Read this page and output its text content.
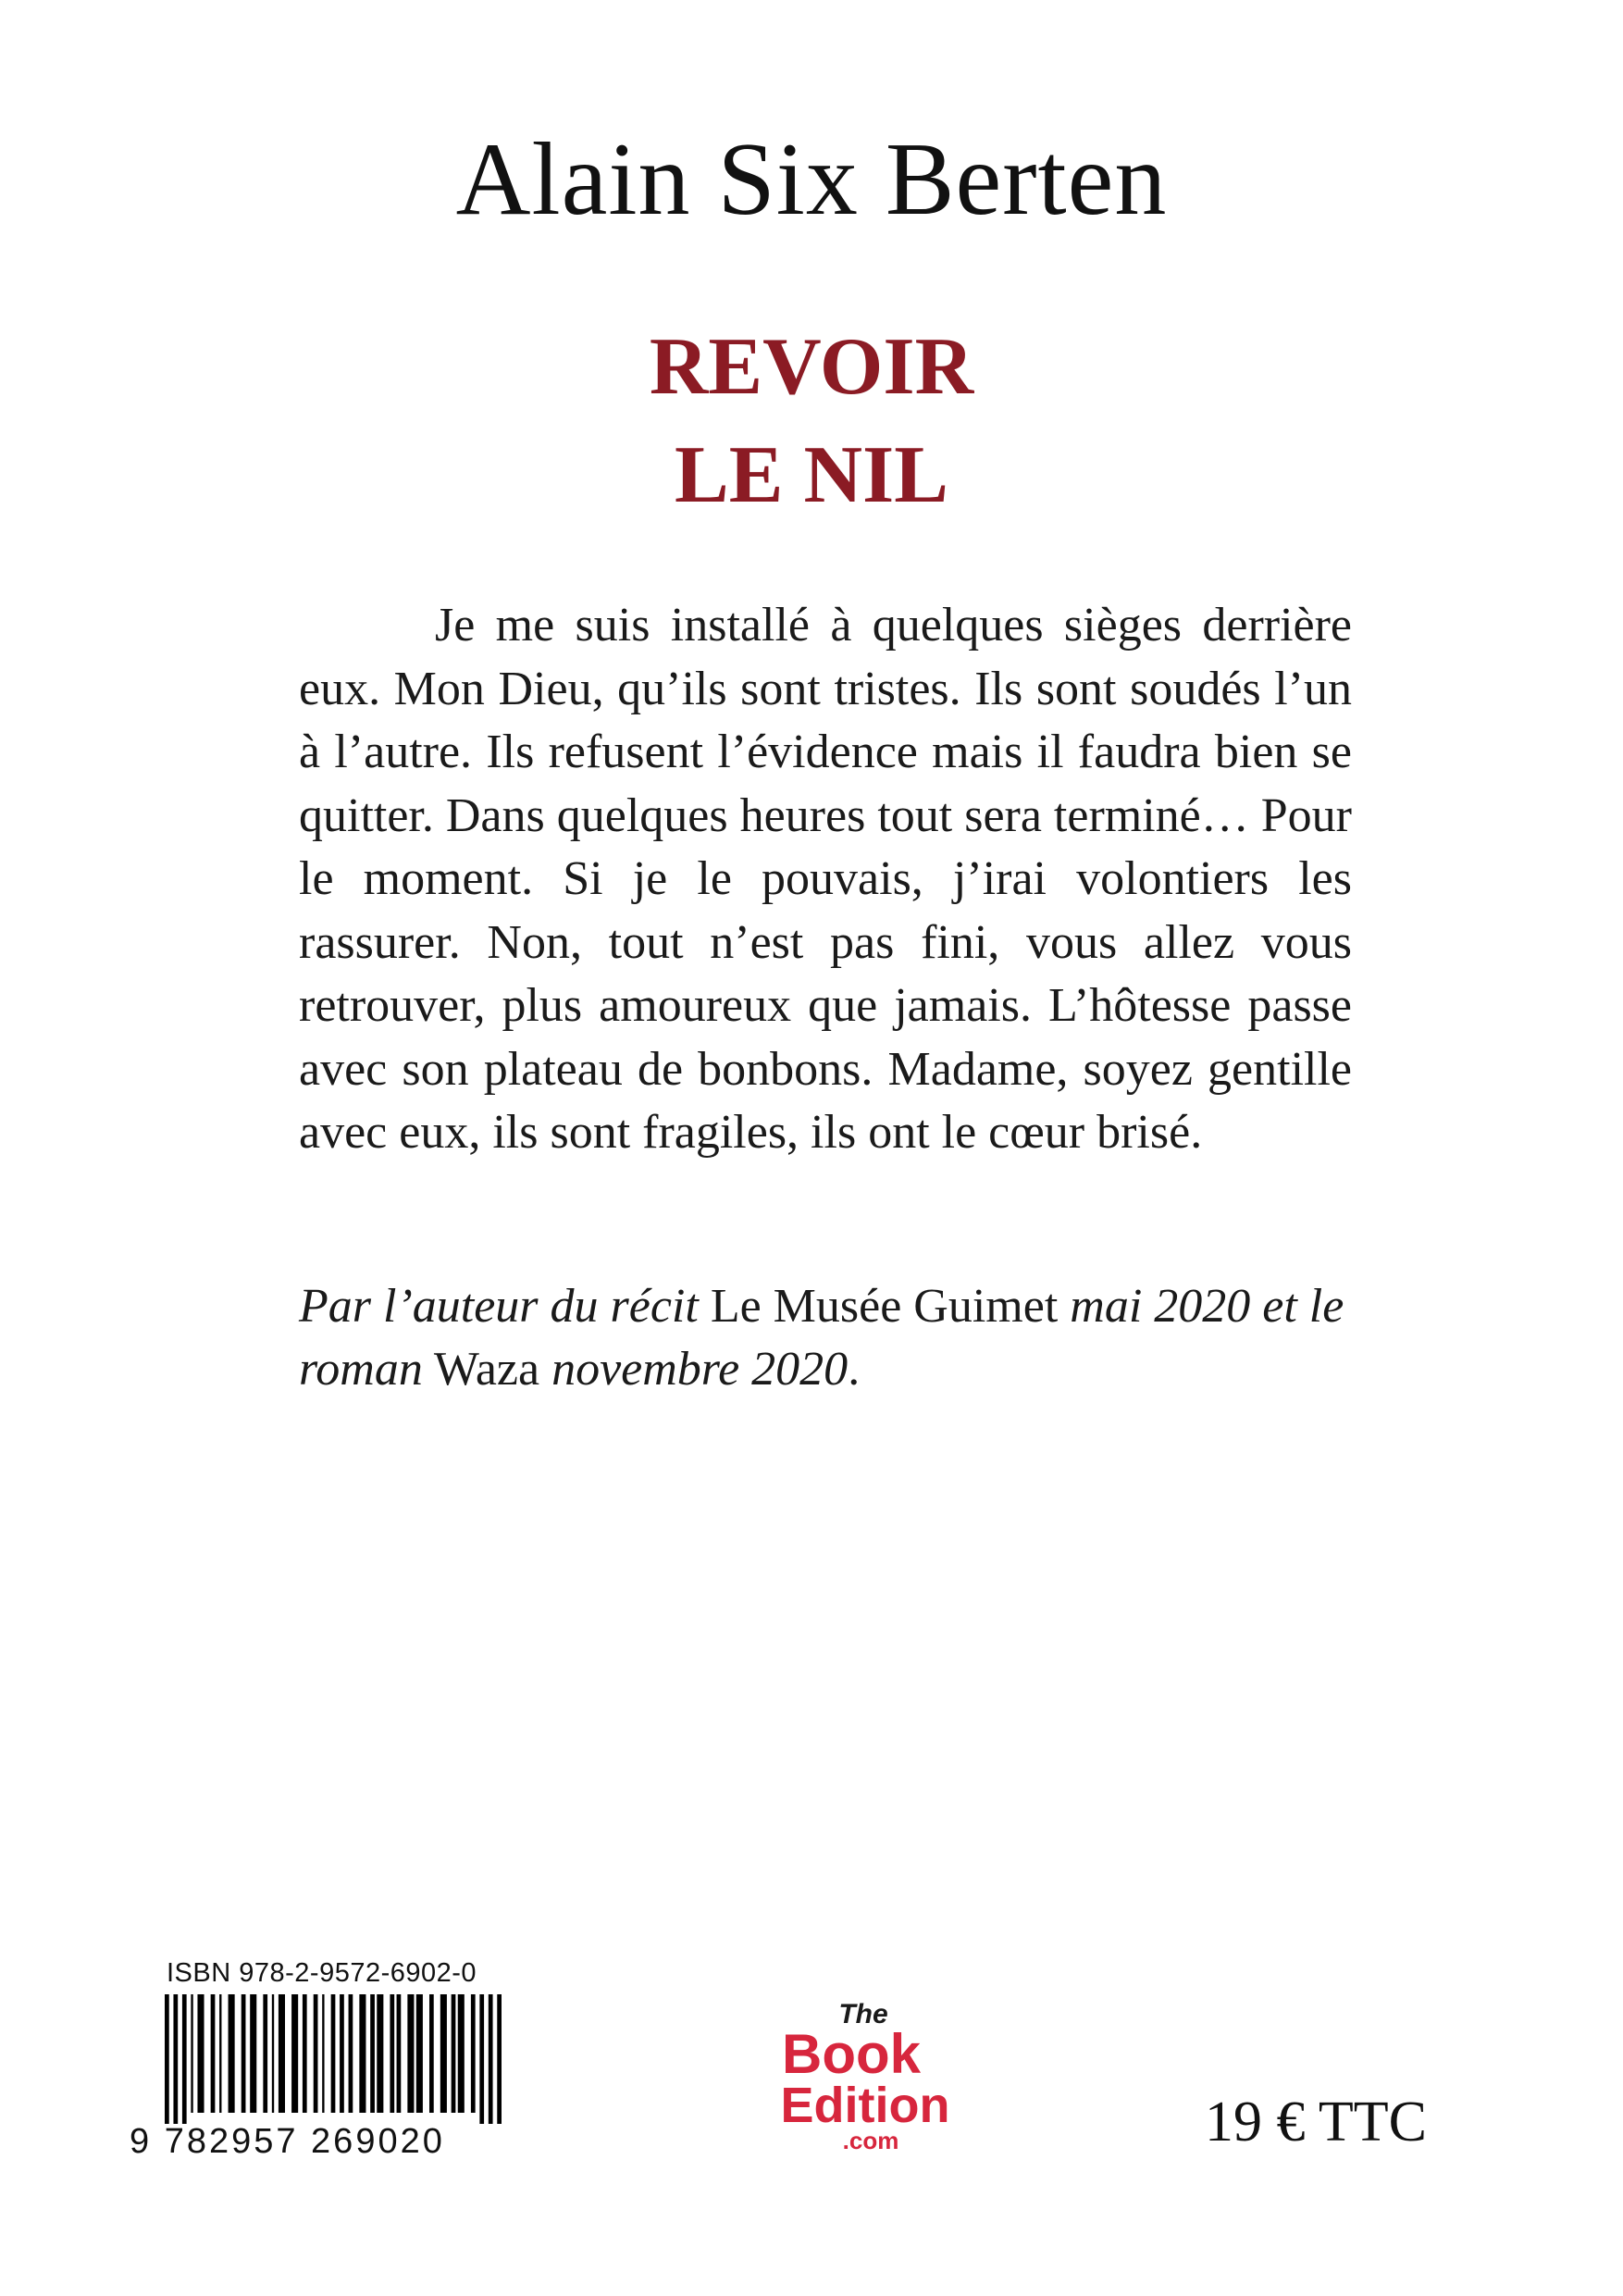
Alain Six Berten
REVOIR
LE NIL

Je me suis installé à quelques sièges derrière eux. Mon Dieu, qu’ils sont tristes. Ils sont soudés l’un à l’autre. Ils refusent l’évidence mais il faudra bien se quitter. Dans quelques heures tout sera terminé… Pour le moment. Si je le pouvais, j’irai volontiers les rassurer. Non, tout n’est pas fini, vous allez vous retrouver, plus amoureux que jamais. L’hôtesse passe avec son plateau de bonbons. Madame, soyez gentille avec eux, ils sont fragiles, ils ont le cœur brisé.

Par l’auteur du récit Le Musée Guimet mai 2020 et le roman Waza novembre 2020.

ISBN 978-2-9572-6902-0
9 782957 269020
The
Book
Edition
.com	19 € TTC
